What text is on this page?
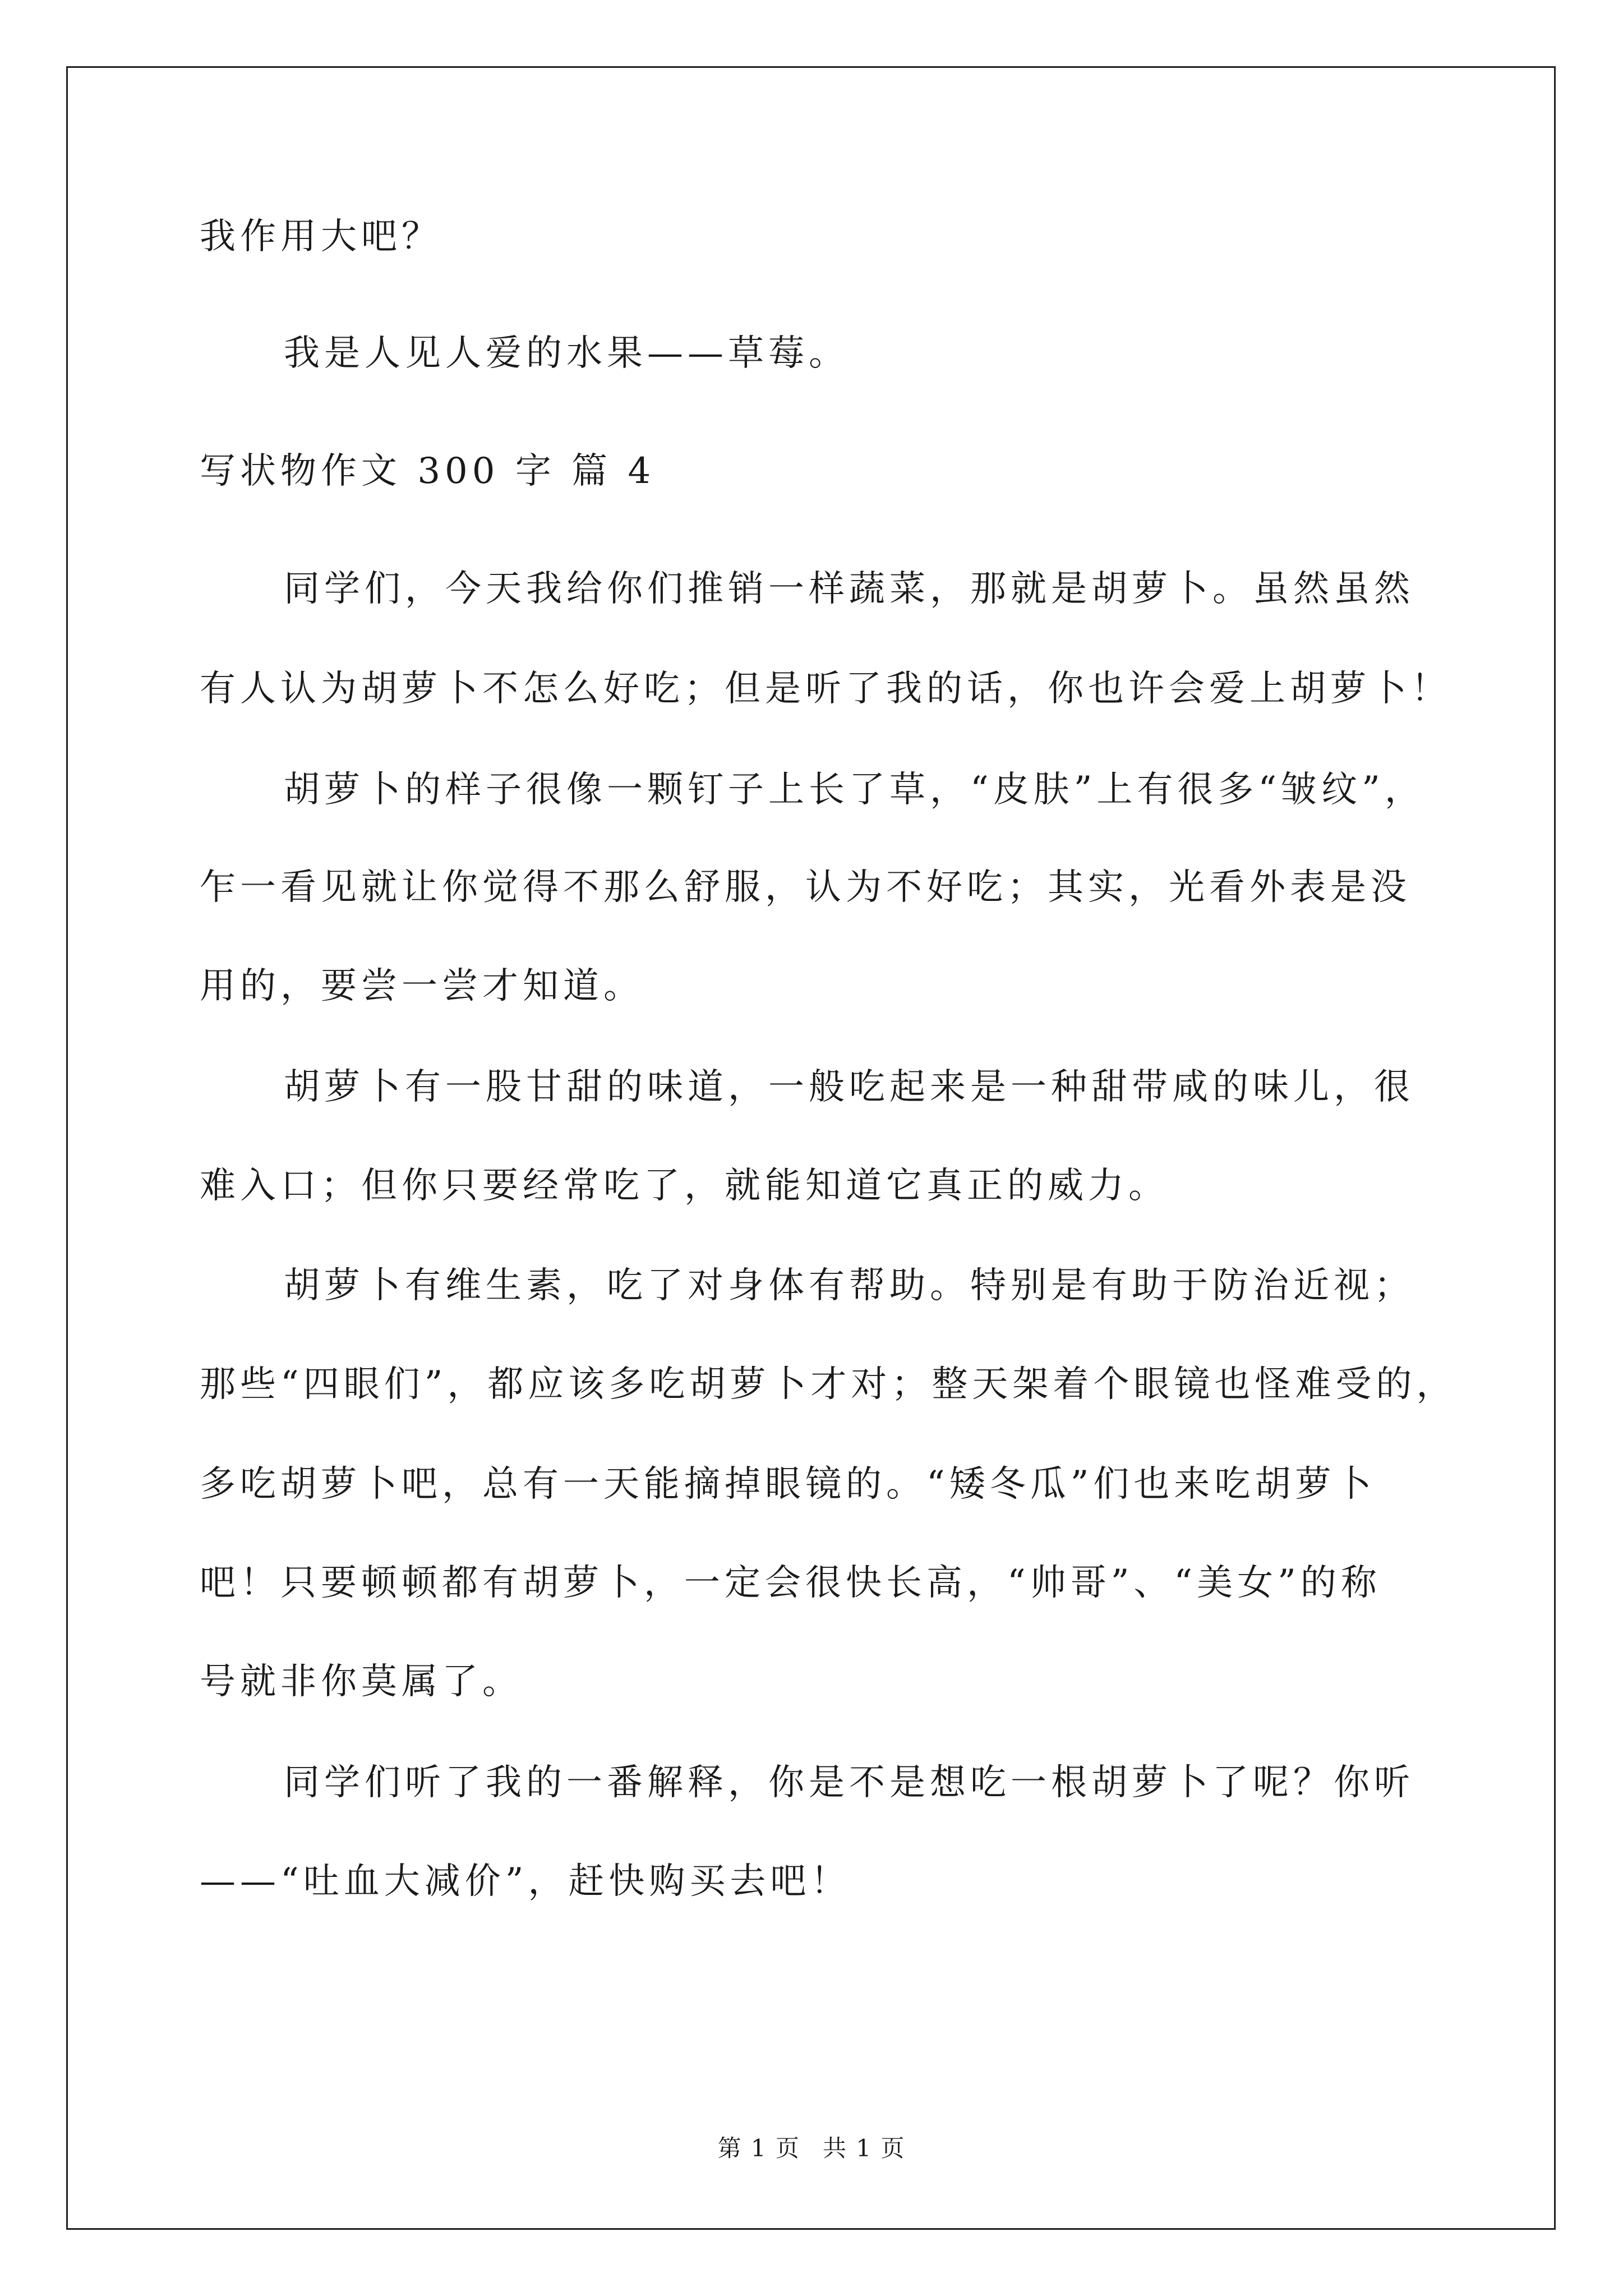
我作用大吧？
我是人见人爱的水果——草莓。
写状物作文 300 字 篇 4
同学们，今天我给你们推销一样蔬菜，那就是胡萝卜。虽然虽然
有人认为胡萝卜不怎么好吃；但是听了我的话，你也许会爱上胡萝卜！
胡萝卜的样子很像一颗钉子上长了草，“皮肤”上有很多“皱纹”，
乍一看见就让你觉得不那么舒服，认为不好吃；其实，光看外表是没
用的，要尝一尝才知道。
胡萝卜有一股甘甜的味道，一般吃起来是一种甜带咸的味儿，很
难入口；但你只要经常吃了，就能知道它真正的威力。
胡萝卜有维生素，吃了对身体有帮助。特别是有助于防治近视；
那些“四眼们”，都应该多吃胡萝卜才对；整天架着个眼镜也怪难受的，
多吃胡萝卜吧，总有一天能摘掉眼镜的。“矮冬瓜”们也来吃胡萝卜
吧！只要顿顿都有胡萝卜，一定会很快长高，“帅哥”、“美女”的称
号就非你莫属了。
同学们听了我的一番解释，你是不是想吃一根胡萝卜了呢？你听
——“吐血大减价”，赶快购买去吧！
第 1 页 共 1 页
